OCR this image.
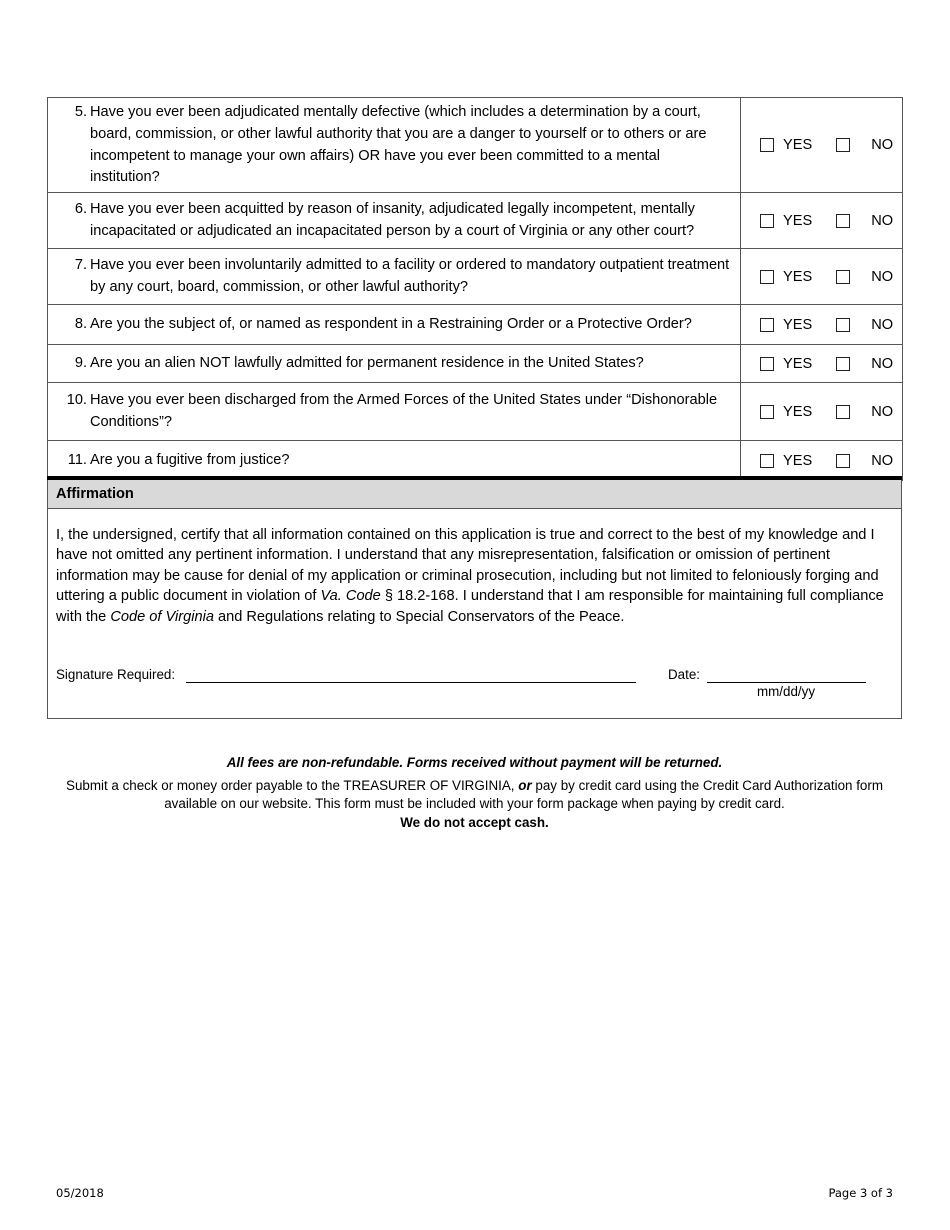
5. Have you ever been adjudicated mentally defective (which includes a determination by a court, board, commission, or other lawful authority that you are a danger to yourself or to others or are incompetent to manage your own affairs) OR have you ever been committed to a mental institution?	YES NO

6. Have you ever been acquitted by reason of insanity, adjudicated legally incompetent, mentally incapacitated or adjudicated an incapacitated person by a court of Virginia or any other court?	YES NO

7. Have you ever been involuntarily admitted to a facility or ordered to mandatory outpatient treatment by any court, board, commission, or other lawful authority?	YES NO

8. Are you the subject of, or named as respondent in a Restraining Order or a Protective Order?	YES NO

9. Are you an alien NOT lawfully admitted for permanent residence in the United States?	YES NO

10. Have you ever been discharged from the Armed Forces of the United States under “Dishonorable Conditions”?	YES NO

11. Are you a fugitive from justice?	YES NO
Affirmation
I, the undersigned, certify that all information contained on this application is true and correct to the best of my knowledge and I have not omitted any pertinent information. I understand that any misrepresentation, falsification or omission of pertinent information may be cause for denial of my application or criminal prosecution, including but not limited to feloniously forging and uttering a public document in violation of Va. Code § 18.2-168. I understand that I am responsible for maintaining full compliance with the Code of Virginia and Regulations relating to Special Conservators of the Peace.
Signature Required:	Date:
mm/dd/yy
All fees are non-refundable. Forms received without payment will be returned.
Submit a check or money order payable to the TREASURER OF VIRGINIA, or pay by credit card using the Credit Card Authorization form available on our website. This form must be included with your form package when paying by credit card.
We do not accept cash.
05/2018	Page 3 of 3
